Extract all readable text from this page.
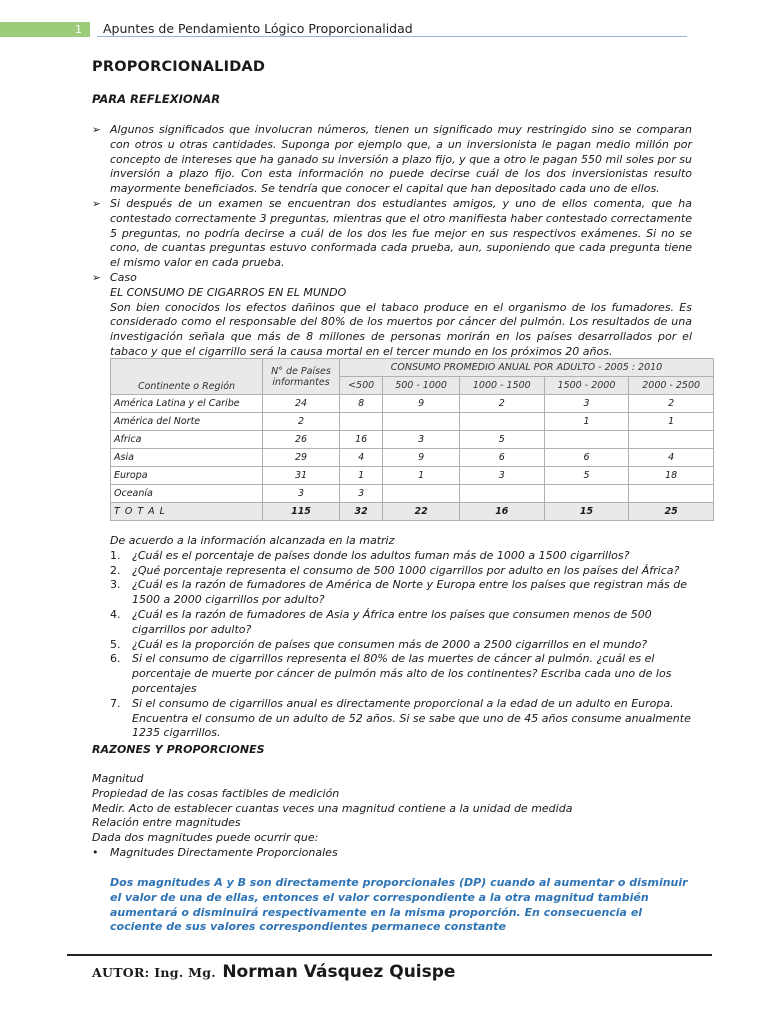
1	Apuntes de Pendamiento Lógico Proporcionalidad
PROPORCIONALIDAD
PARA REFLEXIONAR
➢ Algunos significados que involucran números, tienen un significado muy restringido sino se comparan con otros u otras cantidades. Suponga por ejemplo que, a un inversionista le pagan medio millón por concepto de intereses que ha ganado su inversión a plazo fijo, y que a otro le pagan 550 mil soles por su inversión a plazo fijo. Con esta información no puede decirse cuál de los dos inversionistas resulto mayormente beneficiados. Se tendría que conocer el capital que han depositado cada uno de ellos.
➢ Si después de un examen se encuentran dos estudiantes amigos, y uno de ellos comenta, que ha contestado correctamente 3 preguntas, mientras que el otro manifiesta haber contestado correctamente 5 preguntas, no podría decirse a cuál de los dos les fue mejor en sus respectivos exámenes. Si no se cono, de cuantas preguntas estuvo conformada cada prueba, aun, suponiendo que cada pregunta tiene el mismo valor en cada prueba.
➢ Caso
EL CONSUMO DE CIGARROS EN EL MUNDO
Son bien conocidos los efectos dañinos que el tabaco produce en el organismo de los fumadores. Es considerado como el responsable del 80% de los muertos por cáncer del pulmón. Los resultados de una investigación señala que más de 8 millones de personas morirán en los países desarrollados por el tabaco y que el cigarrillo será la causa mortal en el tercer mundo en los próximos 20 años.
Continente o Región	N° de Países informantes	CONSUMO PROMEDIO ANUAL POR ADULTO - 2005 : 2010				
		<500	500 - 1000	1000 - 1500	1500 - 2000	2000 - 2500
América Latina y el Caribe	24	8	9	2	3	2
América del Norte	2				1	1
Africa	26	16	3	5		
Asia	29	4	9	6	6	4
Europa	31	1	1	3	5	18
Oceanía	3	3				
T O T A L	115	32	22	16	15	25
De acuerdo a la información alcanzada en la matriz
1. ¿Cuál es el porcentaje de países donde los adultos fuman más de 1000 a 1500 cigarrillos?
2. ¿Qué porcentaje representa el consumo de 500 1000 cigarrillos por adulto en los países del África?
3. ¿Cuál es la razón de fumadores de América de Norte y Europa entre los países que registran más de 1500 a 2000 cigarrillos por adulto?
4. ¿Cuál es la razón de fumadores de Asia y África entre los países que consumen menos de 500 cigarrillos por adulto?
5. ¿Cuál es la proporción de países que consumen más de 2000 a 2500 cigarrillos en el mundo?
6. Si el consumo de cigarrillos representa el 80% de las muertes de cáncer al pulmón. ¿cuál es el porcentaje de muerte por cáncer de pulmón más alto de los continentes? Escriba cada uno de los porcentajes
7. Si el consumo de cigarrillos anual es directamente proporcional a la edad de un adulto en Europa. Encuentra el consumo de un adulto de 52 años. Si se sabe que uno de 45 años consume anualmente 1235 cigarrillos.
RAZONES Y PROPORCIONES
Magnitud
Propiedad de las cosas factibles de medición
Medir. Acto de establecer cuantas veces una magnitud contiene a la unidad de medida
Relación entre magnitudes
Dada dos magnitudes puede ocurrir que:
• Magnitudes Directamente Proporcionales
Dos magnitudes A y B son directamente proporcionales (DP) cuando al aumentar o disminuir el valor de una de ellas, entonces el valor correspondiente a la otra magnitud también aumentará o disminuirá respectivamente en la misma proporción. En consecuencia el cociente de sus valores correspondientes permanece constante
AUTOR: Ing. Mg. Norman Vásquez Quispe
